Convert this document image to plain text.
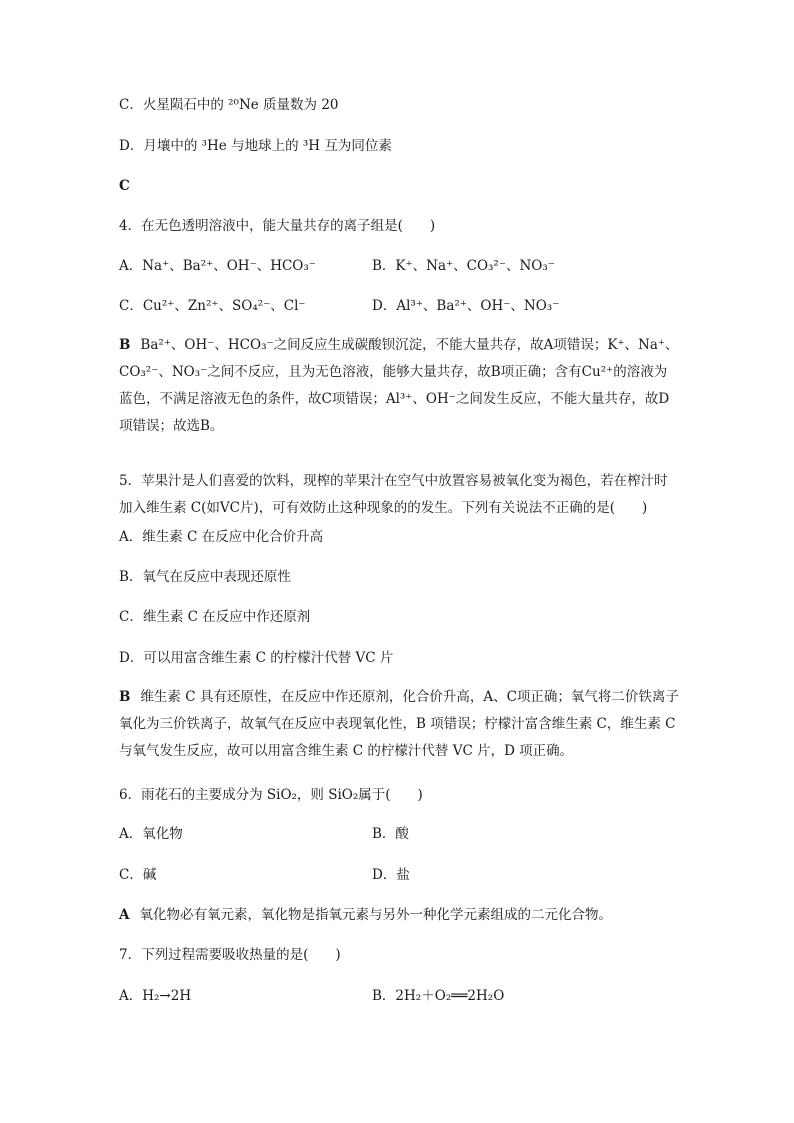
C．火星陨石中的 ²⁰Ne 质量数为 20
D．月壤中的 ³He 与地球上的 ³H 互为同位素
C
4．在无色透明溶液中，能大量共存的离子组是(　　)
A．Na⁺、Ba²⁺、OH⁻、HCO₃⁻	B．K⁺、Na⁺、CO₃²⁻、NO₃⁻
C．Cu²⁺、Zn²⁺、SO₄²⁻、Cl⁻	D．Al³⁺、Ba²⁺、OH⁻、NO₃⁻

B Ba²⁺、OH⁻、HCO₃⁻之间反应生成碳酸钡沉淀，不能大量共存，故A项错误；K⁺、Na⁺、CO₃²⁻、NO₃⁻之间不反应，且为无色溶液，能够大量共存，故B项正确；含有Cu²⁺的溶液为蓝色，不满足溶液无色的条件，故C项错误；Al³⁺、OH⁻之间发生反应，不能大量共存，故D项错误；故选B。

5．苹果汁是人们喜爱的饮料，现榨的苹果汁在空气中放置容易被氧化变为褐色，若在榨汁时加入维生素 C(如VC片)，可有效防止这种现象的的发生。下列有关说法不正确的是(　　)

A．维生素 C 在反应中化合价升高
B．氧气在反应中表现还原性
C．维生素 C 在反应中作还原剂
D．可以用富含维生素 C 的柠檬汁代替 VC 片

B 维生素 C 具有还原性，在反应中作还原剂，化合价升高，A、C项正确；氧气将二价铁离子氧化为三价铁离子，故氧气在反应中表现氧化性，B 项错误；柠檬汁富含维生素 C，维生素 C 与氧气发生反应，故可以用富含维生素 C 的柠檬汁代替 VC 片，D 项正确。

6．雨花石的主要成分为 SiO₂，则 SiO₂属于(　　)
A．氧化物	B．酸
C．碱	D．盐
A 氧化物必有氧元素，氧化物是指氧元素与另外一种化学元素组成的二元化合物。
7．下列过程需要吸收热量的是(　　)
A．H₂→2H	B．2H₂＋O₂══2H₂O
